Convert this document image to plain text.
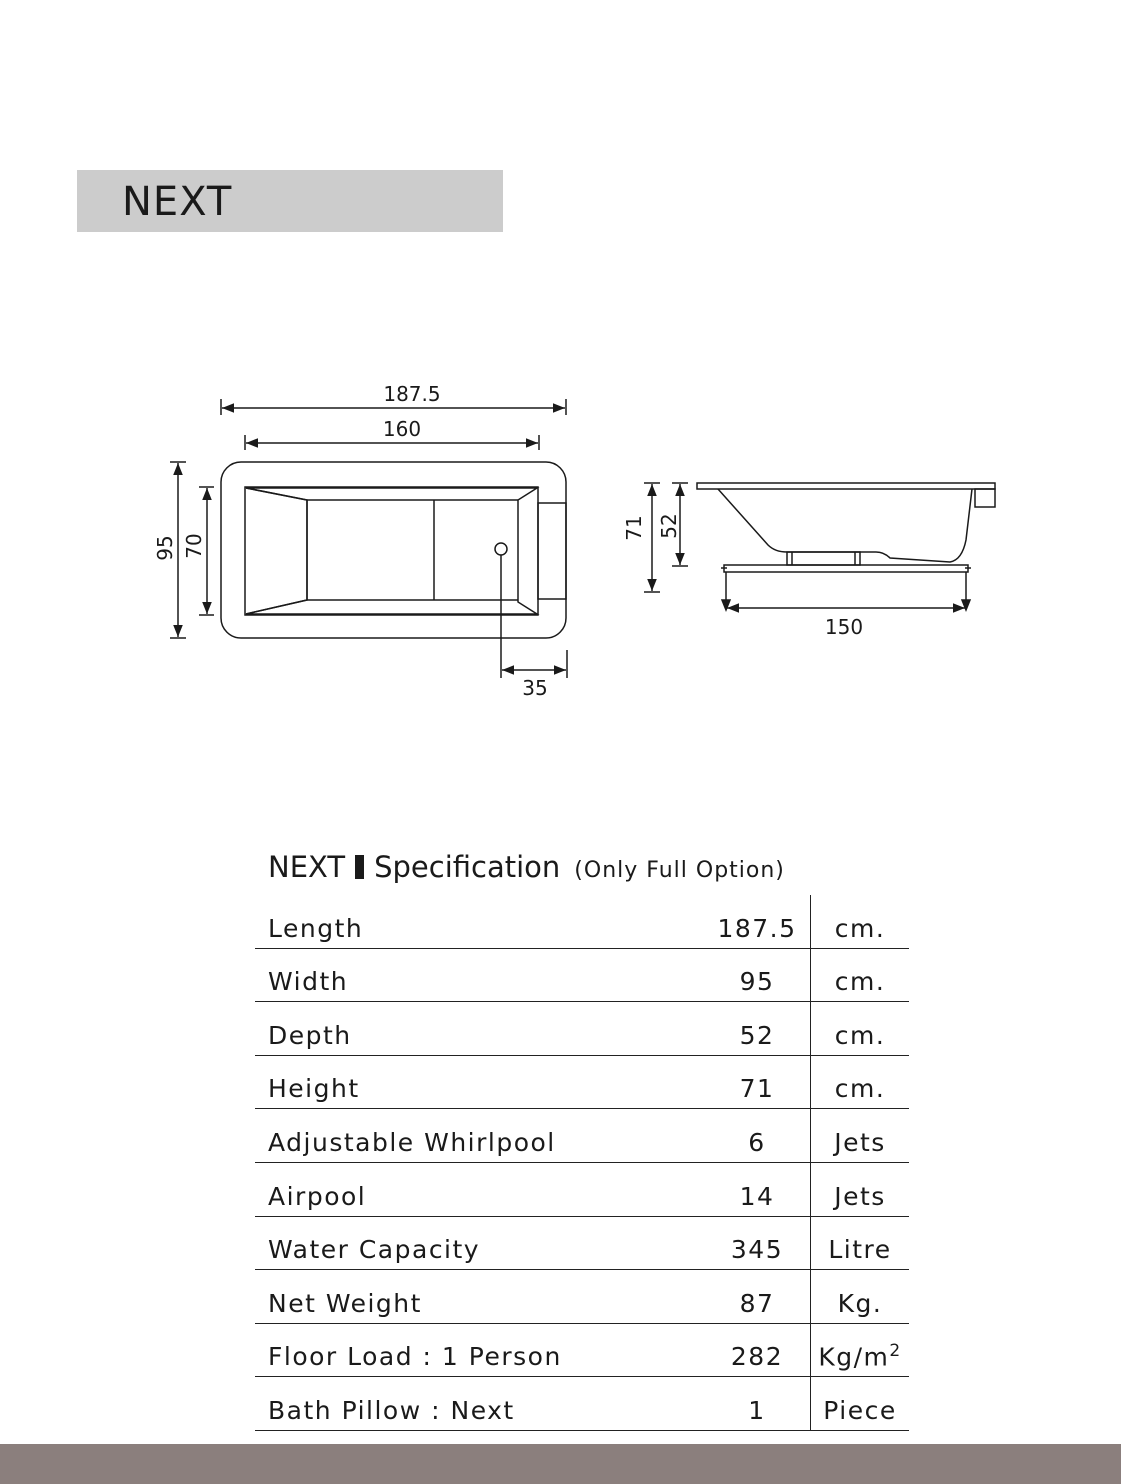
NEXT
187.5
160
95 70
35
71 52
150
NEXT Specification (Only Full Option)
Length	187.5	cm.
Width	95	cm.
Depth	52	cm.
Height	71	cm.
Adjustable Whirlpool	6	Jets
Airpool	14	Jets
Water Capacity	345	Litre
Net Weight	87	Kg.
Floor Load : 1 Person	282	$Kg/m^2$
Bath Pillow : Next	1	Piece
